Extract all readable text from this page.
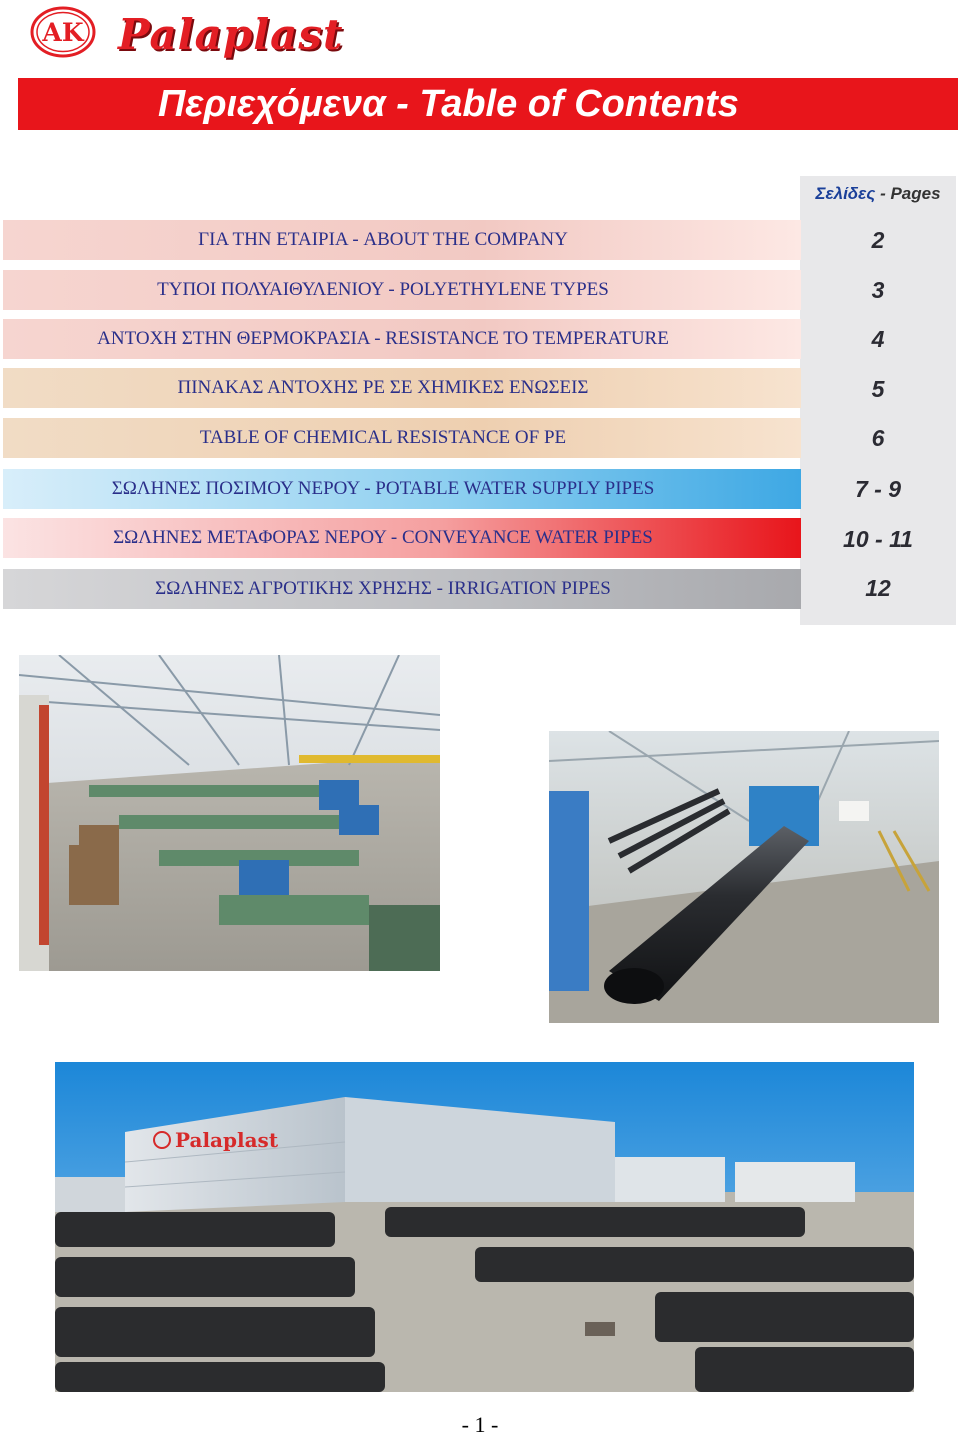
AK Palaplast
Περιεχόμενα - Table of Contents
Σελίδες - Pages
ΓΙΑ ΤΗΝ ΕΤΑΙΡΙΑ - ABOUT THE COMPANY	2
ΤΥΠΟΙ ΠΟΛΥΑΙΘΥΛΕΝΙΟΥ - POLYETHYLENE TYPES	3
ΑΝΤΟΧΗ ΣΤΗΝ ΘΕΡΜΟΚΡΑΣΙΑ - RESISTANCE TO TEMPERATURE	4
ΠΙΝΑΚΑΣ ΑΝΤΟΧΗΣ PE ΣΕ ΧΗΜΙΚΕΣ ΕΝΩΣΕΙΣ	5
TABLE OF CHEMICAL RESISTANCE OF PE	6
ΣΩΛΗΝΕΣ ΠΟΣΙΜΟΥ ΝΕΡΟΥ - POTABLE WATER SUPPLY PIPES	7 - 9
ΣΩΛΗΝΕΣ ΜΕΤΑΦΟΡΑΣ ΝΕΡΟΥ - CONVEYANCE WATER PIPES	10 - 11
ΣΩΛΗΝΕΣ ΑΓΡΟΤΙΚΗΣ ΧΡΗΣΗΣ - IRRIGATION PIPES	12
Palaplast
- 1 -
